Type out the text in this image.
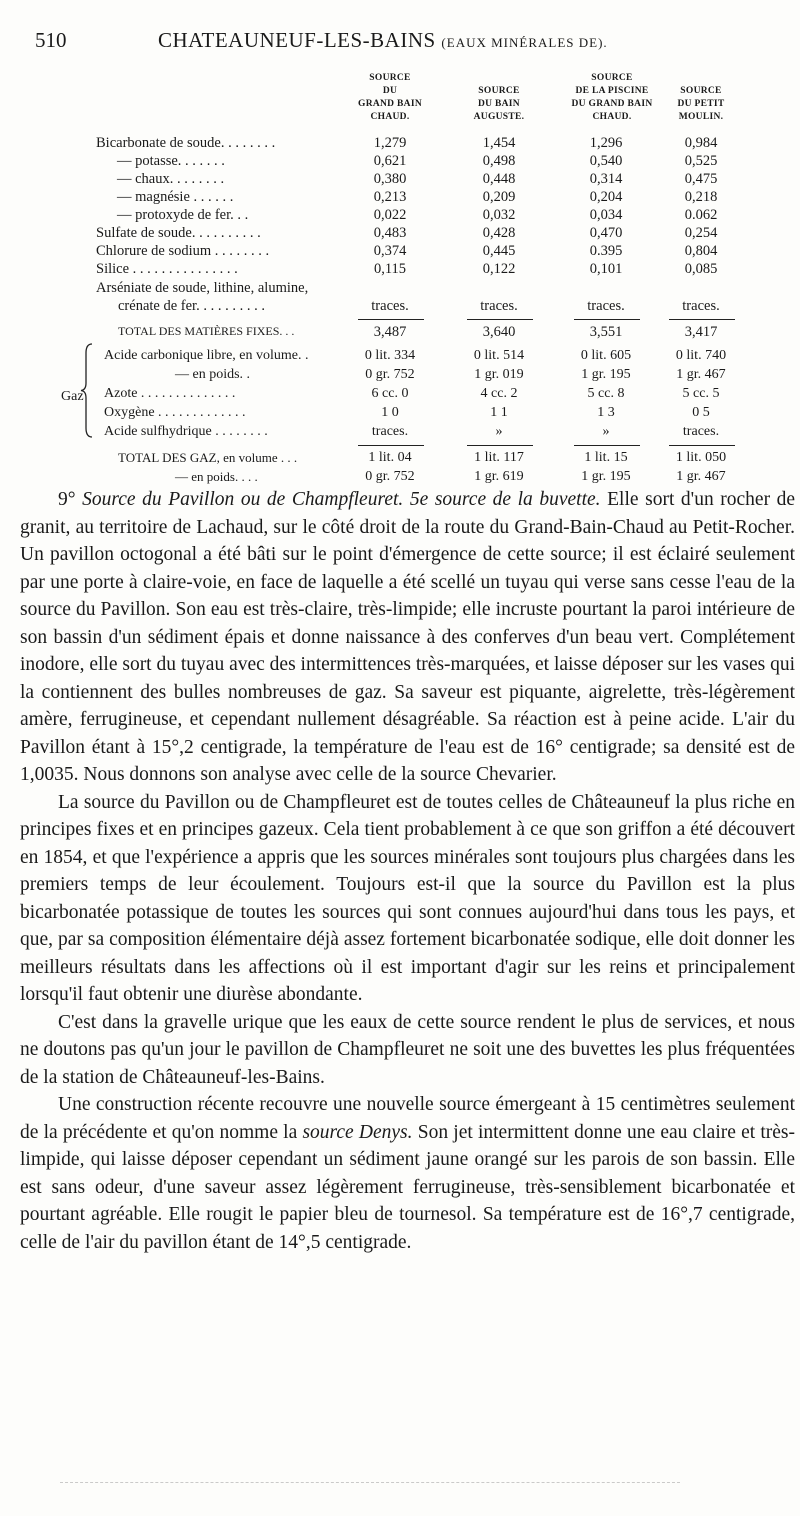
510	CHATEAUNEUF-LES-BAINS (EAUX MINÉRALES DE).
SOURCE
DU
GRAND BAIN
CHAUD.
SOURCE
DU BAIN
AUGUSTE.
SOURCE
DE LA PISCINE
DU GRAND BAIN
CHAUD.
SOURCE
DU PETIT
MOULIN.
Bicarbonate de soude. . . . . . . .	1,279	1,454	1,296	0,984
— potasse. . . . . . .	0,621	0,498	0,540	0,525
— chaux. . . . . . . .	0,380	0,448	0,314	0,475
— magnésie . . . . . .	0,213	0,209	0,204	0,218
— protoxyde de fer. . .	0,022	0,032	0,034	0.062
Sulfate de soude. . . . . . . . . .	0,483	0,428	0,470	0,254
Chlorure de sodium . . . . . . . .	0,374	0,445	0.395	0,804
Silice . . . . . . . . . . . . . . .	0,115	0,122	0,101	0,085
Arséniate de soude, lithine, alumine,
crénate de fer. . . . . . . . . .	traces.	traces.	traces.	traces.
TOTAL DES MATIÈRES FIXES. . .	3,487	3,640	3,551	3,417
Acide carbonique libre, en volume. .	0 lit. 334	0 lit. 514	0 lit. 605	0 lit. 740
— en poids. .	0 gr. 752	1 gr. 019	1 gr. 195	1 gr. 467
Azote . . . . . . . . . . . . . .	6 cc. 0	4 cc. 2	5 cc. 8	5 cc. 5
Oxygène . . . . . . . . . . . . .	1 0	1 1	1 3	0 5
Acide sulfhydrique . . . . . . . .	traces.	»	»	traces.
TOTAL DES GAZ, en volume . . .	1 lit. 04	1 lit. 117	1 lit. 15	1 lit. 050
— en poids. . . .	0 gr. 752	1 gr. 619	1 gr. 195	1 gr. 467
Gaz

9° Source du Pavillon ou de Champfleuret. 5e source de la buvette. Elle sort d'un rocher de granit, au territoire de Lachaud, sur le côté droit de la route du Grand-Bain-Chaud au Petit-Rocher. Un pavillon octogonal a été bâti sur le point d'émergence de cette source; il est éclairé seulement par une porte à claire-voie, en face de laquelle a été scellé un tuyau qui verse sans cesse l'eau de la source du Pavillon. Son eau est très-claire, très-limpide; elle incruste pourtant la paroi intérieure de son bassin d'un sédiment épais et donne naissance à des conferves d'un beau vert. Complétement inodore, elle sort du tuyau avec des intermittences très-marquées, et laisse déposer sur les vases qui la contiennent des bulles nombreuses de gaz. Sa saveur est piquante, aigrelette, très-légèrement amère, ferrugineuse, et cependant nullement désagréable. Sa réaction est à peine acide. L'air du Pavillon étant à 15°,2 centigrade, la température de l'eau est de 16° centigrade; sa densité est de 1,0035. Nous donnons son analyse avec celle de la source Chevarier.

La source du Pavillon ou de Champfleuret est de toutes celles de Châteauneuf la plus riche en principes fixes et en principes gazeux. Cela tient probablement à ce que son griffon a été découvert en 1854, et que l'expérience a appris que les sources minérales sont toujours plus chargées dans les premiers temps de leur écoulement. Toujours est-il que la source du Pavillon est la plus bicarbonatée potassique de toutes les sources qui sont connues aujourd'hui dans tous les pays, et que, par sa composition élémentaire déjà assez fortement bicarbonatée sodique, elle doit donner les meilleurs résultats dans les affections où il est important d'agir sur les reins et principalement lorsqu'il faut obtenir une diurèse abondante.

C'est dans la gravelle urique que les eaux de cette source rendent le plus de services, et nous ne doutons pas qu'un jour le pavillon de Champfleuret ne soit une des buvettes les plus fréquentées de la station de Châteauneuf-les-Bains.

Une construction récente recouvre une nouvelle source émergeant à 15 centimètres seulement de la précédente et qu'on nomme la source Denys. Son jet intermittent donne une eau claire et très-limpide, qui laisse déposer cependant un sédiment jaune orangé sur les parois de son bassin. Elle est sans odeur, d'une saveur assez légèrement ferrugineuse, très-sensiblement bicarbonatée et pourtant agréable. Elle rougit le papier bleu de tournesol. Sa température est de 16°,7 centigrade, celle de l'air du pavillon étant de 14°,5 centigrade.
